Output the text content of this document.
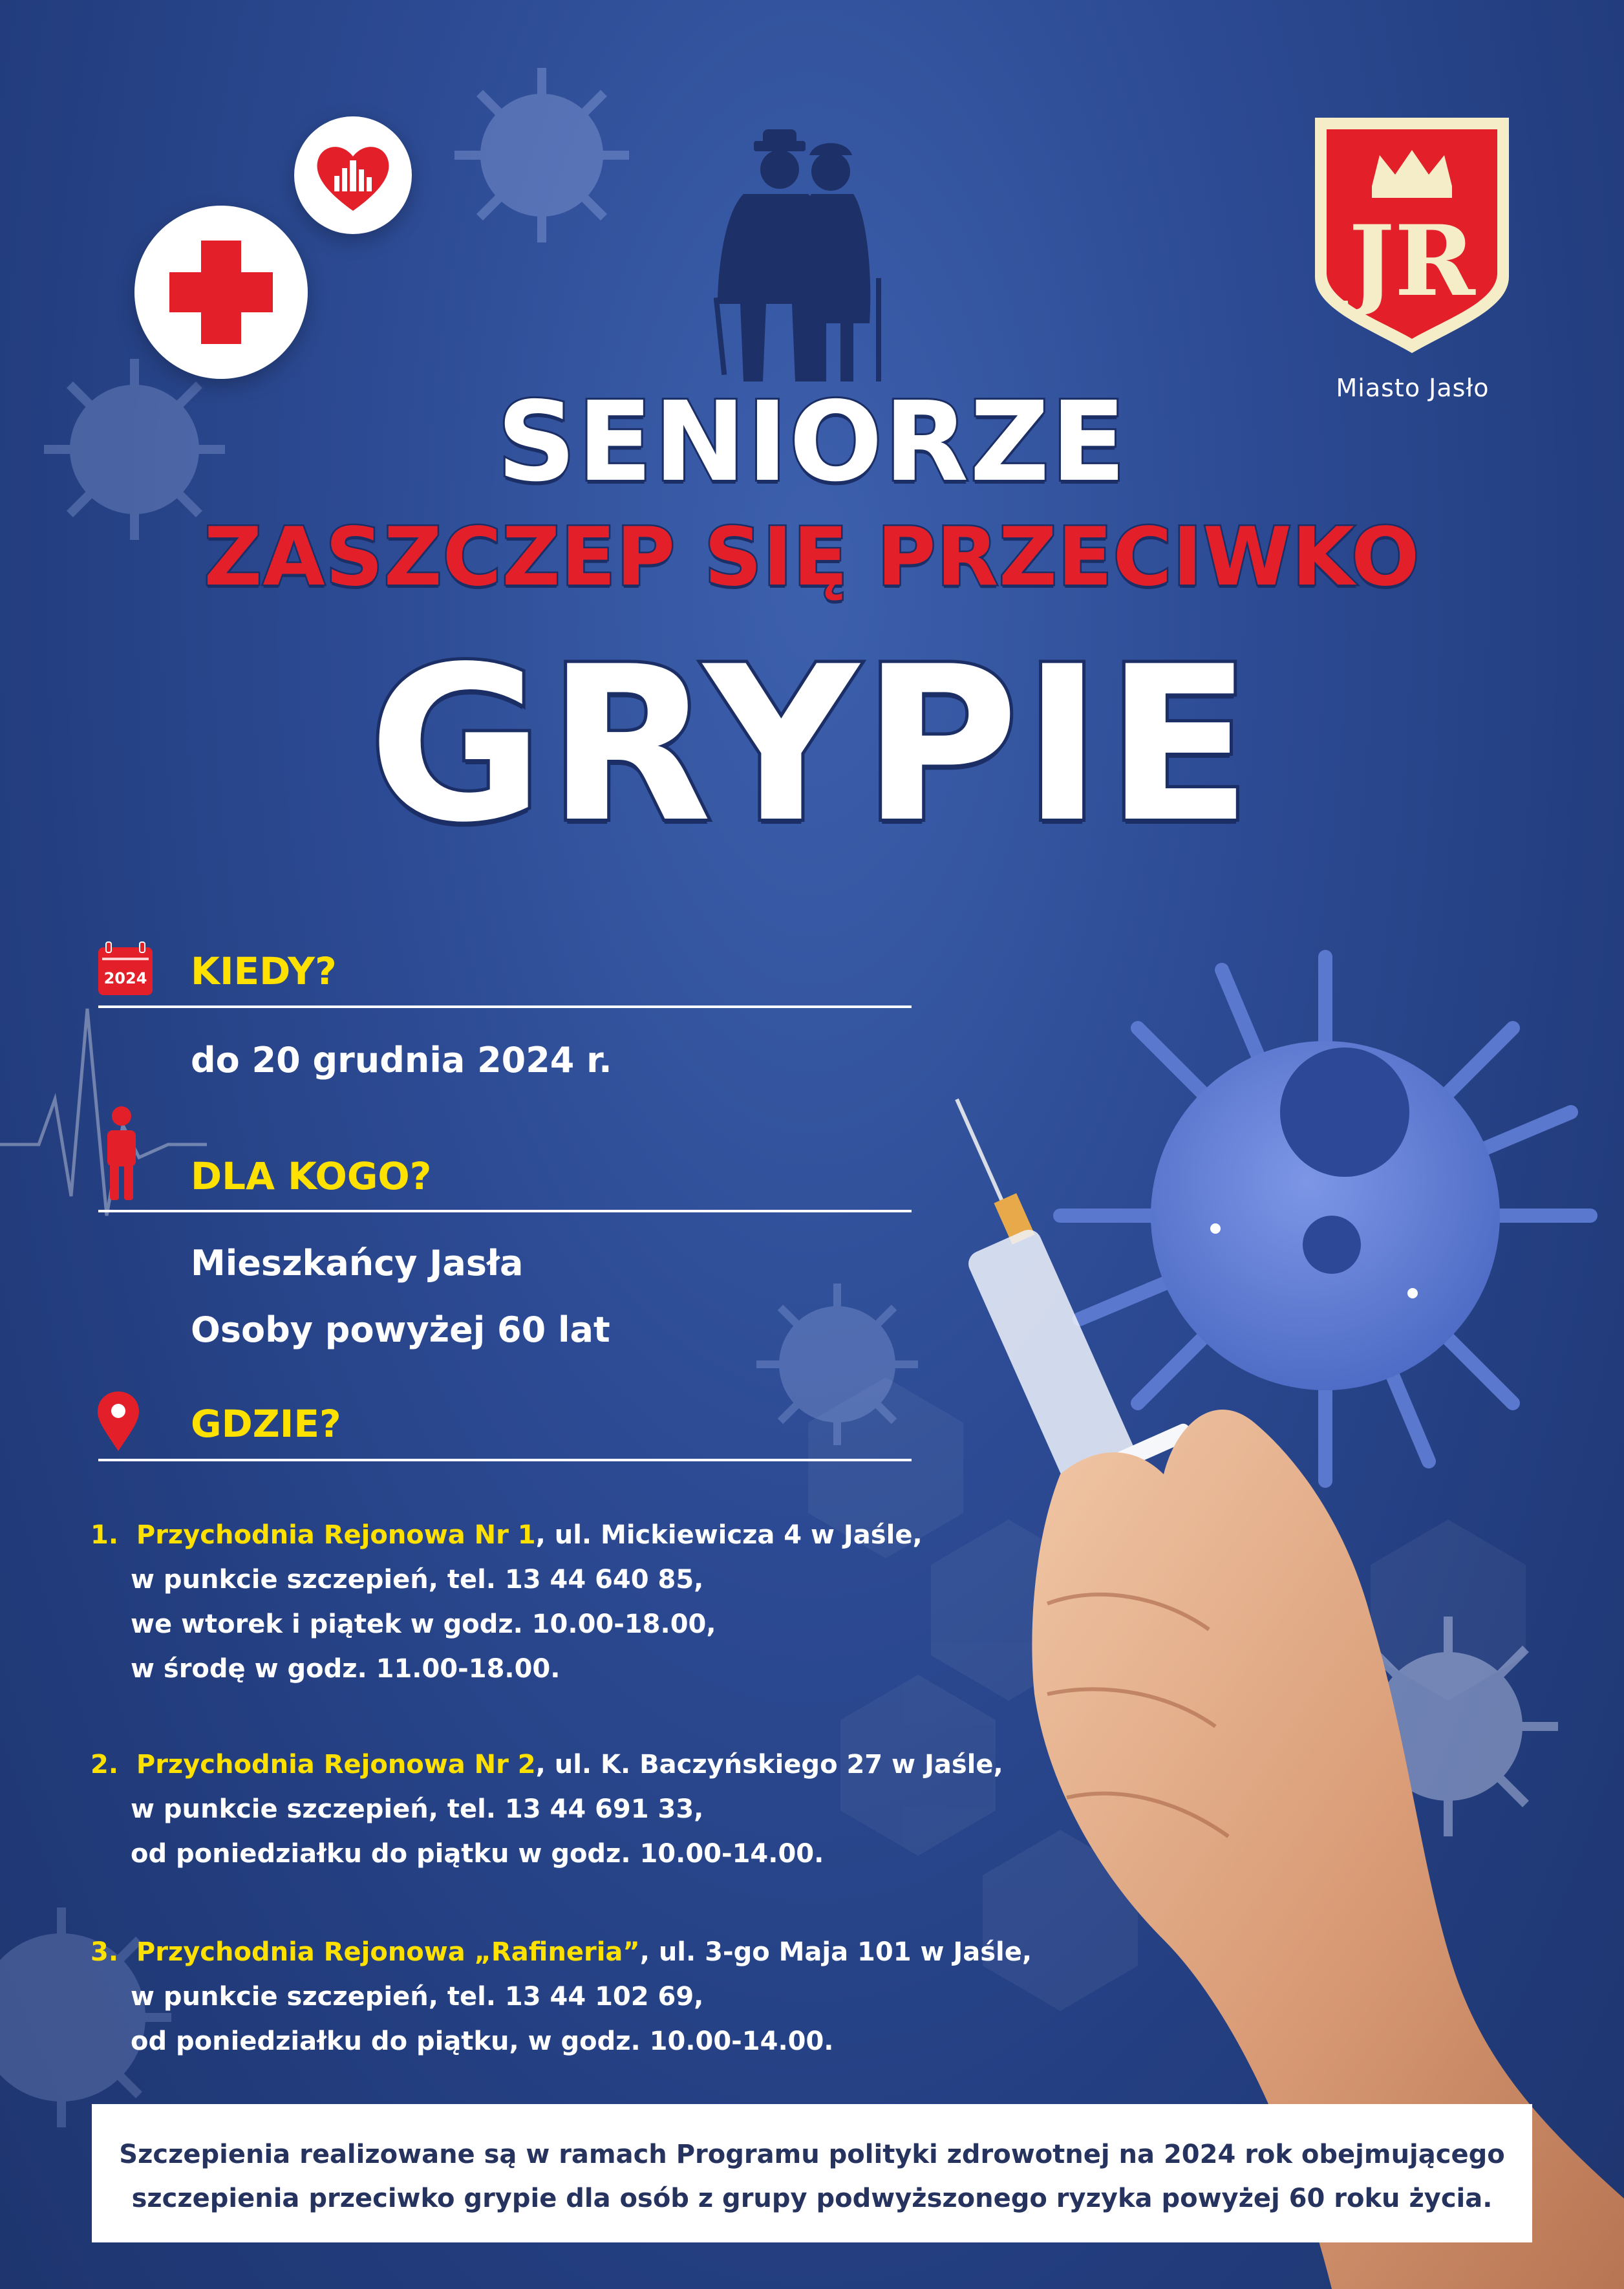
JR
Miasto Jasło
SENIORZE
ZASZCZEP SIĘ PRZECIWKO
GRYPIE
2024 KIEDY?
do 20 grudnia 2024 r.
DLA KOGO?
Mieszkańcy Jasła
Osoby powyżej 60 lat
GDZIE?
1. Przychodnia Rejonowa Nr 1, ul. Mickiewicza 4 w Jaśle,
w punkcie szczepień, tel. 13 44 640 85,
we wtorek i piątek w godz. 10.00-18.00,
w środę w godz. 11.00-18.00.
2. Przychodnia Rejonowa Nr 2, ul. K. Baczyńskiego 27 w Jaśle,
w punkcie szczepień, tel. 13 44 691 33,
od poniedziałku do piątku w godz. 10.00-14.00.
3. Przychodnia Rejonowa „Rafineria”, ul. 3-go Maja 101 w Jaśle,
w punkcie szczepień, tel. 13 44 102 69,
od poniedziałku do piątku, w godz. 10.00-14.00.
Szczepienia realizowane są w ramach Programu polityki zdrowotnej na 2024 rok obejmującego
szczepienia przeciwko grypie dla osób z grupy podwyższonego ryzyka powyżej 60 roku życia.
